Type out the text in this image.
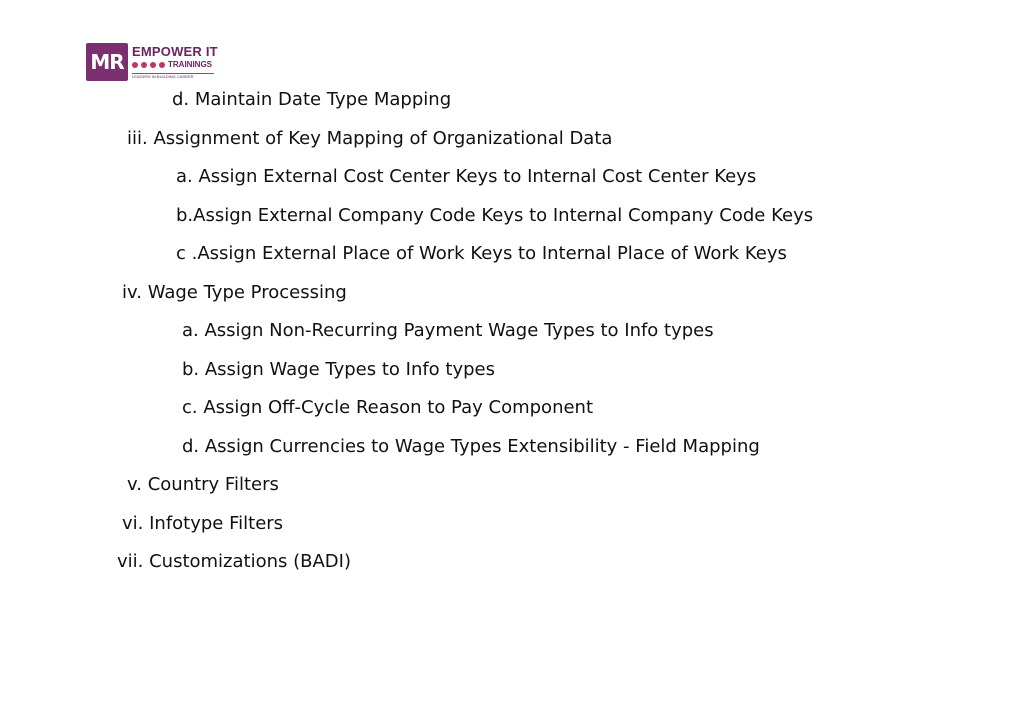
MR EMPOWER IT
TRAININGS
LEADERS IN BUILDING CAREER
d. Maintain Date Type Mapping
iii. Assignment of Key Mapping of Organizational Data
a. Assign External Cost Center Keys to Internal Cost Center Keys
b.Assign External Company Code Keys to Internal Company Code Keys
c .Assign External Place of Work Keys to Internal Place of Work Keys
iv. Wage Type Processing
a. Assign Non-Recurring Payment Wage Types to Info types
b. Assign Wage Types to Info types
c. Assign Off-Cycle Reason to Pay Component
d. Assign Currencies to Wage Types Extensibility - Field Mapping
v. Country Filters
vi. Infotype Filters
vii. Customizations (BADI)
